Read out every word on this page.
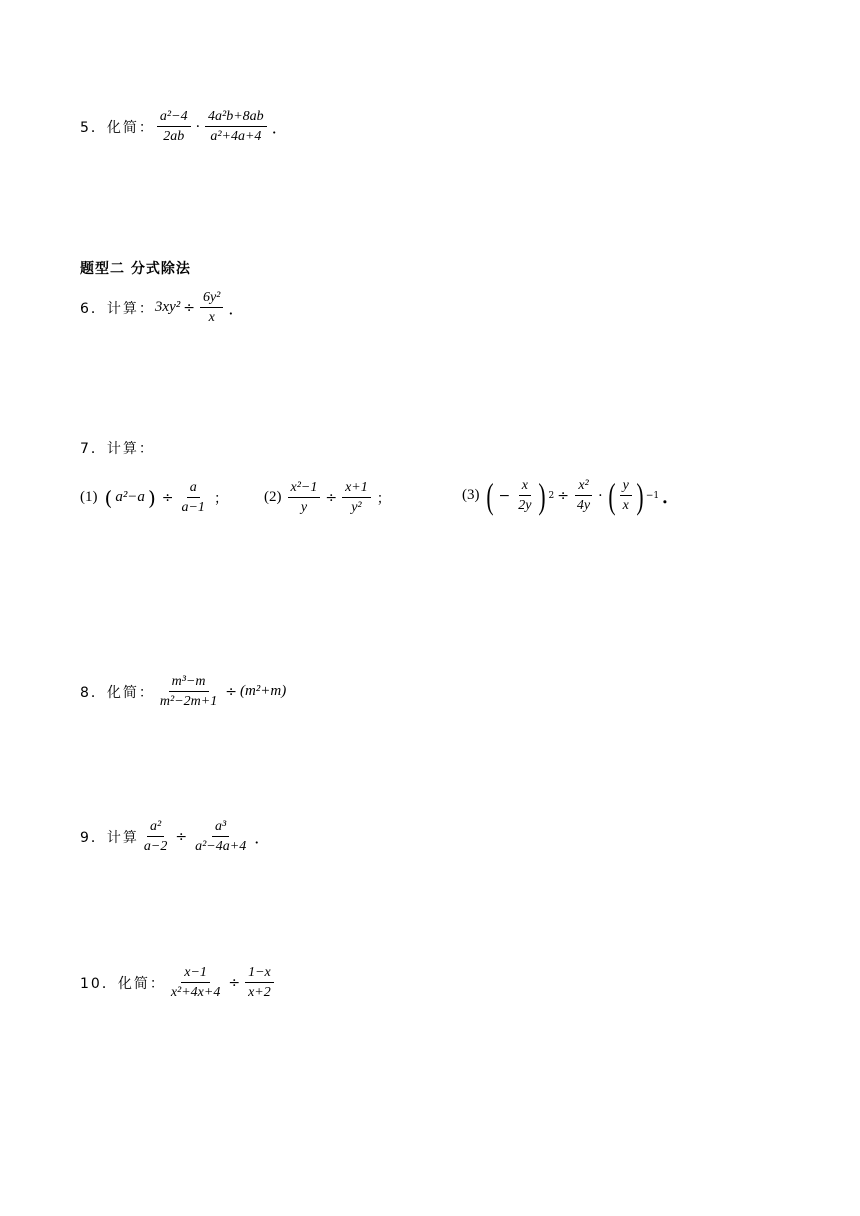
5． 化简： $\frac{\text{a²−4}}{2ab} \cdot \frac{\text{4a²b+8ab}}{\text{a²+4a+4}}$ ．
题型二 分式除法
6． 计算： $3xy^2 \div \frac{\text{6y²}}{x}$ ．
7． 计算：
(1) ( a²−a ) ÷ $\frac{a}{a-1}$ ； $(2) \frac{\text{x²−1}}{y} \div \frac{x+1}{\text{y²}}$ ；	(3) ( − $\frac{x}{2y}$ ) $2 \div \frac{\text{x²}}{4y}$ · ( $\frac{y}{x}$ ) −1 ．
8． 化简： $\frac{\text{m³−m}}{\text{m²−2m+1}} \div (m^2+m)$
9． 计算 $\frac{\text{a²}}{a-2} \div \frac{\text{a³}}{\text{a²−4a+4}}$ ．
10． 化简： $\frac{x-1}{\text{x²+4x+4}} \div \frac{1-x}{x+2}$
